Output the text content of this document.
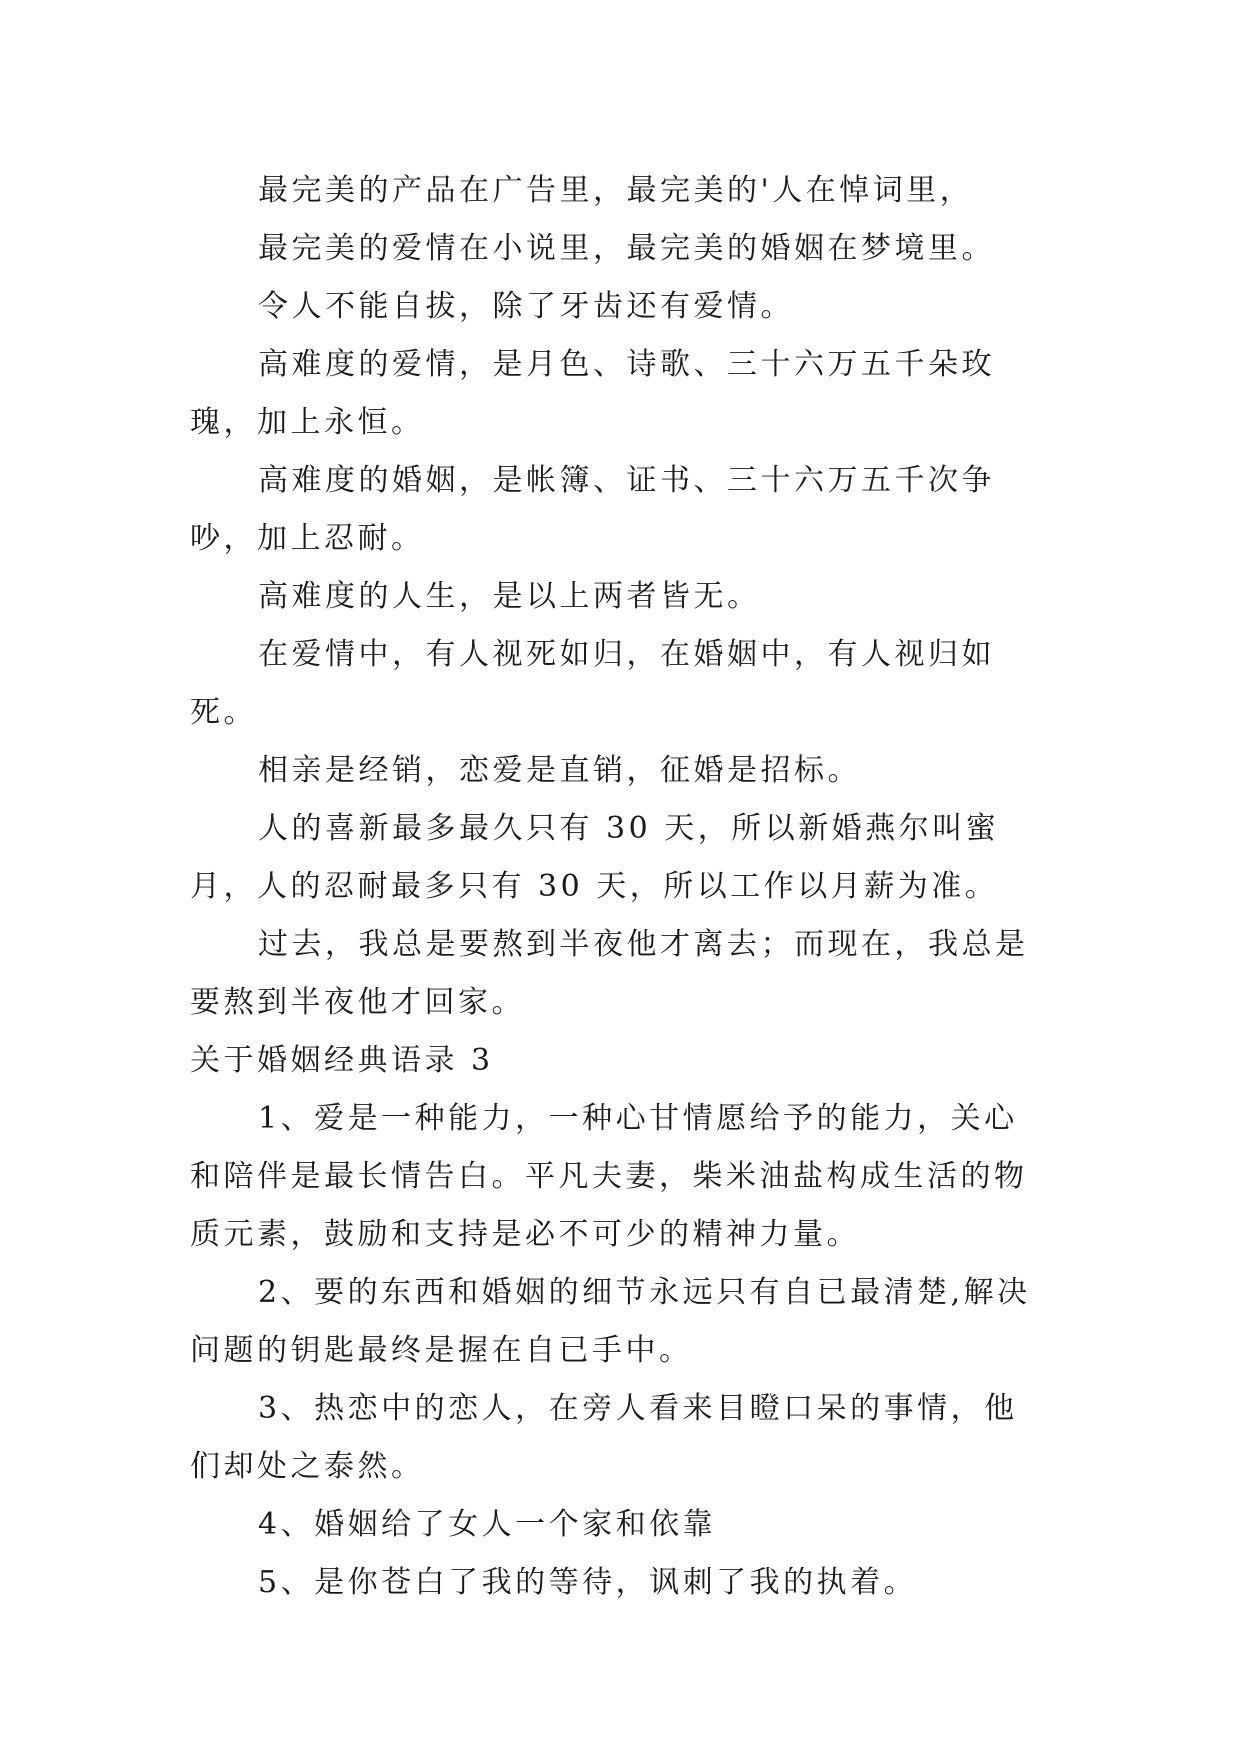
最完美的产品在广告里，最完美的'人在悼词里，

最完美的爱情在小说里，最完美的婚姻在梦境里。

令人不能自拔，除了牙齿还有爱情。

高难度的爱情，是月色、诗歌、三十六万五千朵玫瑰，加上永恒。

高难度的婚姻，是帐簿、证书、三十六万五千次争吵，加上忍耐。

高难度的人生，是以上两者皆无。

在爱情中，有人视死如归，在婚姻中，有人视归如死。

相亲是经销，恋爱是直销，征婚是招标。

人的喜新最多最久只有 30 天，所以新婚燕尔叫蜜月，人的忍耐最多只有 30 天，所以工作以月薪为准。

过去，我总是要熬到半夜他才离去；而现在，我总是要熬到半夜他才回家。

关于婚姻经典语录 3

1、爱是一种能力，一种心甘情愿给予的能力，关心和陪伴是最长情告白。平凡夫妻，柴米油盐构成生活的物质元素，鼓励和支持是必不可少的精神力量。

2、要的东西和婚姻的细节永远只有自已最清楚,解决问题的钥匙最终是握在自已手中。

3、热恋中的恋人，在旁人看来目瞪口呆的事情，他们却处之泰然。

4、婚姻给了女人一个家和依靠

5、是你苍白了我的等待，讽刺了我的执着。
